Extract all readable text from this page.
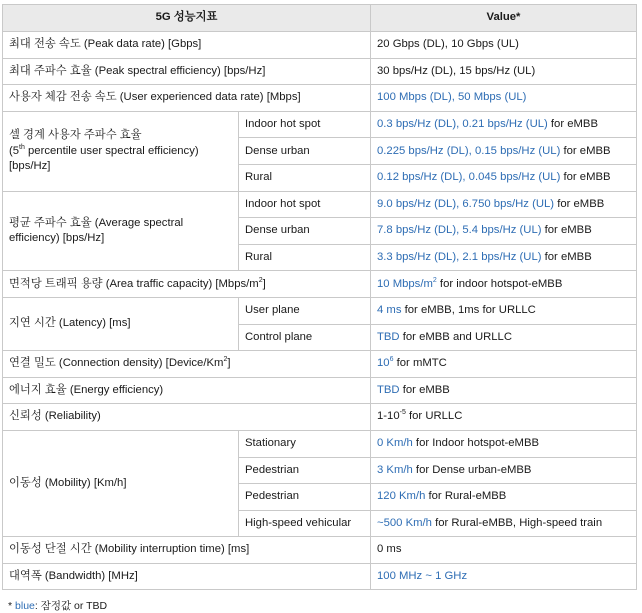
5G 성능지표		Value*
최대 전송 속도 (Peak data rate) [Gbps]		20 Gbps (DL), 10 Gbps (UL)
최대 주파수 효율 (Peak spectral efficiency) [bps/Hz]		30 bps/Hz (DL), 15 bps/Hz (UL)
사용자 체감 전송 속도 (User experienced data rate) [Mbps]		100 Mbps (DL), 50 Mbps (UL)
셀 경계 사용자 주파수 효율
(5th percentile user spectral efficiency)
[bps/Hz]	Indoor hot spot	0.3 bps/Hz (DL), 0.21 bps/Hz (UL) for eMBB
	Dense urban	0.225 bps/Hz (DL), 0.15 bps/Hz (UL) for eMBB
	Rural	0.12 bps/Hz (DL), 0.045 bps/Hz (UL) for eMBB
평균 주파수 효율 (Average spectral efficiency) [bps/Hz]	Indoor hot spot	9.0 bps/Hz (DL), 6.750 bps/Hz (UL) for eMBB
	Dense urban	7.8 bps/Hz (DL), 5.4 bps/Hz (UL) for eMBB
	Rural	3.3 bps/Hz (DL), 2.1 bps/Hz (UL) for eMBB
면적당 트래픽 용량 (Area traffic capacity) $[Mbps/m^2]$		10 Mbps/$m^2$ for indoor hotspot-eMBB
지연 시간 (Latency) [ms]	User plane	4 ms for eMBB, 1ms for URLLC
	Control plane	TBD for eMBB and URLLC
연결 밀도 (Connection density) [Device/Km$^2$]		$10^6$ for mMTC
에너지 효율 (Energy efficiency)		TBD for eMBB
신뢰성 (Reliability)		$1-10^{-5}$ for URLLC
이동성 (Mobility) [Km/h]	Stationary	0 Km/h for Indoor hotspot-eMBB
	Pedestrian	3 Km/h for Dense urban-eMBB
	Pedestrian	120 Km/h for Rural-eMBB
	High-speed vehicular	~500 Km/h for Rural-eMBB, High-speed train
이동성 단절 시간 (Mobility interruption time) [ms]		0 ms
대역폭 (Bandwidth) [MHz]		100 MHz ~ 1 GHz
* blue: 잠정값 or TBD
